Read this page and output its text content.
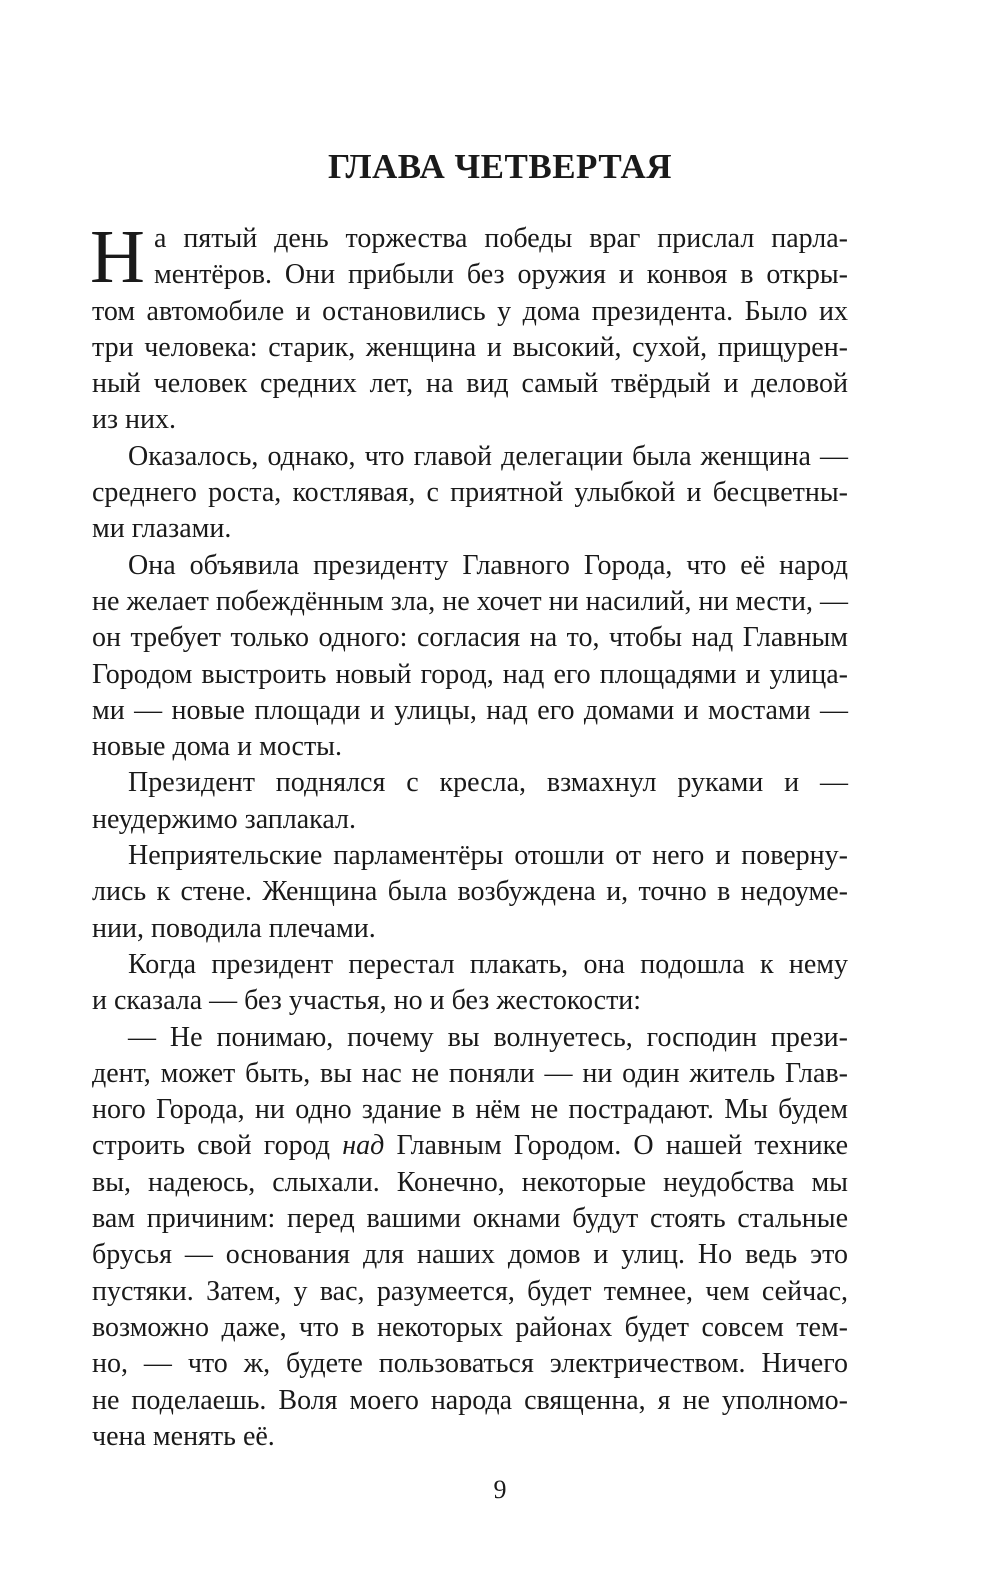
ГЛАВА ЧЕТВЕРТАЯ
Н а пятый день торжества победы враг прислал парла-
ментёров. Они прибыли без оружия и конвоя в откры-
том автомобиле и остановились у дома президента. Было их
три человека: старик, женщина и высокий, сухой, прищурен-
ный человек средних лет, на вид самый твёрдый и деловой
из них.
Оказалось, однако, что главой делегации была женщина —
среднего роста, костлявая, с приятной улыбкой и бесцветны-
ми глазами.
Она объявила президенту Главного Города, что её народ
не желает побеждённым зла, не хочет ни насилий, ни мести, —
он требует только одного: согласия на то, чтобы над Главным
Городом выстроить новый город, над его площадями и улица-
ми — новые площади и улицы, над его домами и мостами —
новые дома и мосты.
Президент поднялся с кресла, взмахнул руками и —
неудержимо заплакал.
Неприятельские парламентёры отошли от него и поверну-
лись к стене. Женщина была возбуждена и, точно в недоуме-
нии, поводила плечами.
Когда президент перестал плакать, она подошла к нему
и сказала — без участья, но и без жестокости:
— Не понимаю, почему вы волнуетесь, господин прези-
дент, может быть, вы нас не поняли — ни один житель Глав-
ного Города, ни одно здание в нём не пострадают. Мы будем
строить свой город над Главным Городом. О нашей технике
вы, надеюсь, слыхали. Конечно, некоторые неудобства мы
вам причиним: перед вашими окнами будут стоять стальные
брусья — основания для наших домов и улиц. Но ведь это
пустяки. Затем, у вас, разумеется, будет темнее, чем сейчас,
возможно даже, что в некоторых районах будет совсем тем-
но, — что ж, будете пользоваться электричеством. Ничего
не поделаешь. Воля моего народа священна, я не уполномо-
чена менять её.
9
